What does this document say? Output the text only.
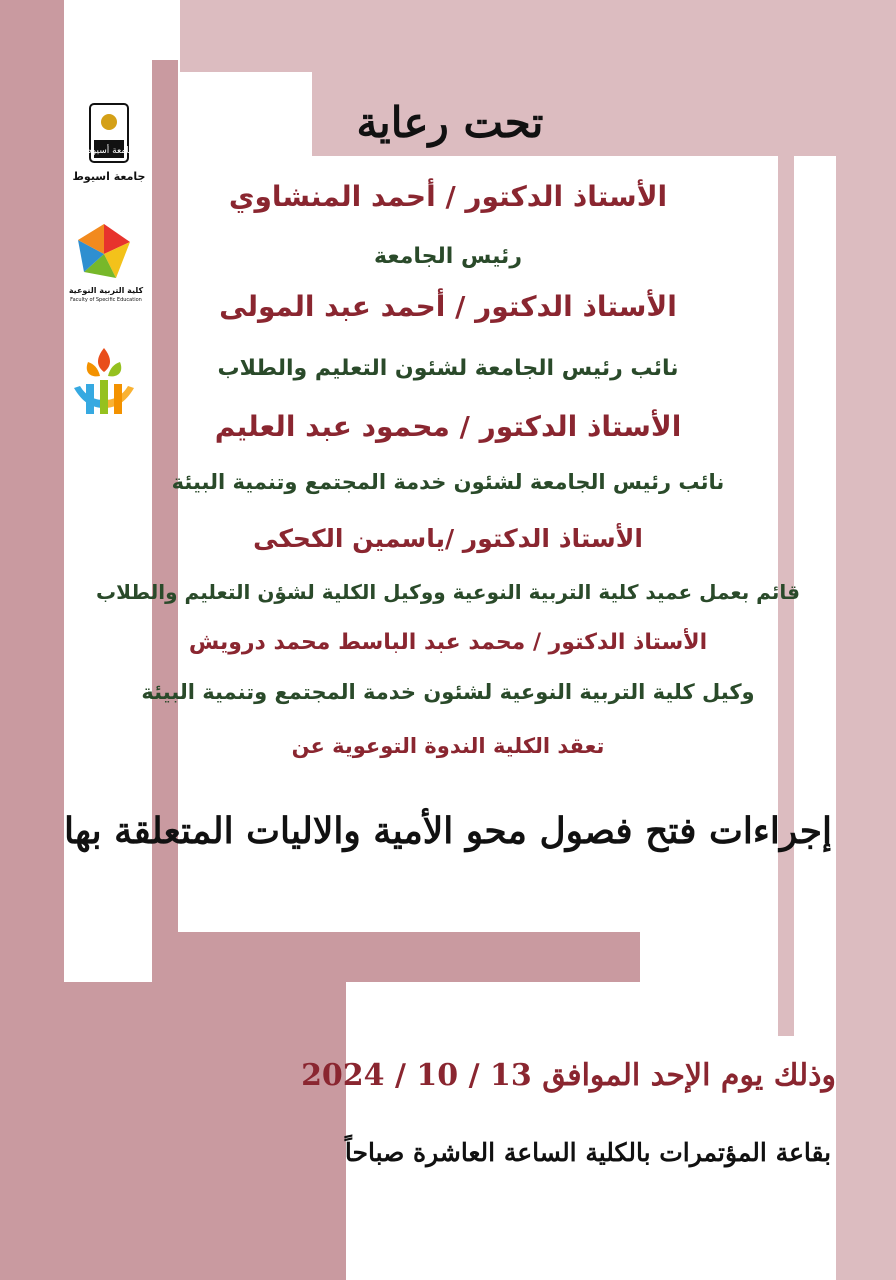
جامعة أسيوط
جامعة اسيوط
كلية التربية النوعية
Faculty of Specific Education
تحت رعاية
الأستاذ الدكتور / أحمد المنشاوي
رئيس الجامعة
الأستاذ الدكتور / أحمد عبد المولى
نائب رئيس الجامعة لشئون التعليم والطلاب
الأستاذ الدكتور / محمود عبد العليم
نائب رئيس الجامعة لشئون خدمة المجتمع وتنمية البيئة
الأستاذ الدكتور /ياسمين الكحكى
قائم بعمل عميد كلية التربية النوعية ووكيل الكلية لشؤن التعليم والطلاب
الأستاذ الدكتور / محمد عبد الباسط محمد درويش
وكيل كلية التربية النوعية لشئون خدمة المجتمع وتنمية البيئة
تعقد الكلية الندوة التوعوية عن
إجراءات فتح فصول محو الأمية والاليات المتعلقة بها
وذلك يوم الإحد الموافق 13 / 10 / 2024
بقاعة المؤتمرات بالكلية الساعة العاشرة صباحاً
